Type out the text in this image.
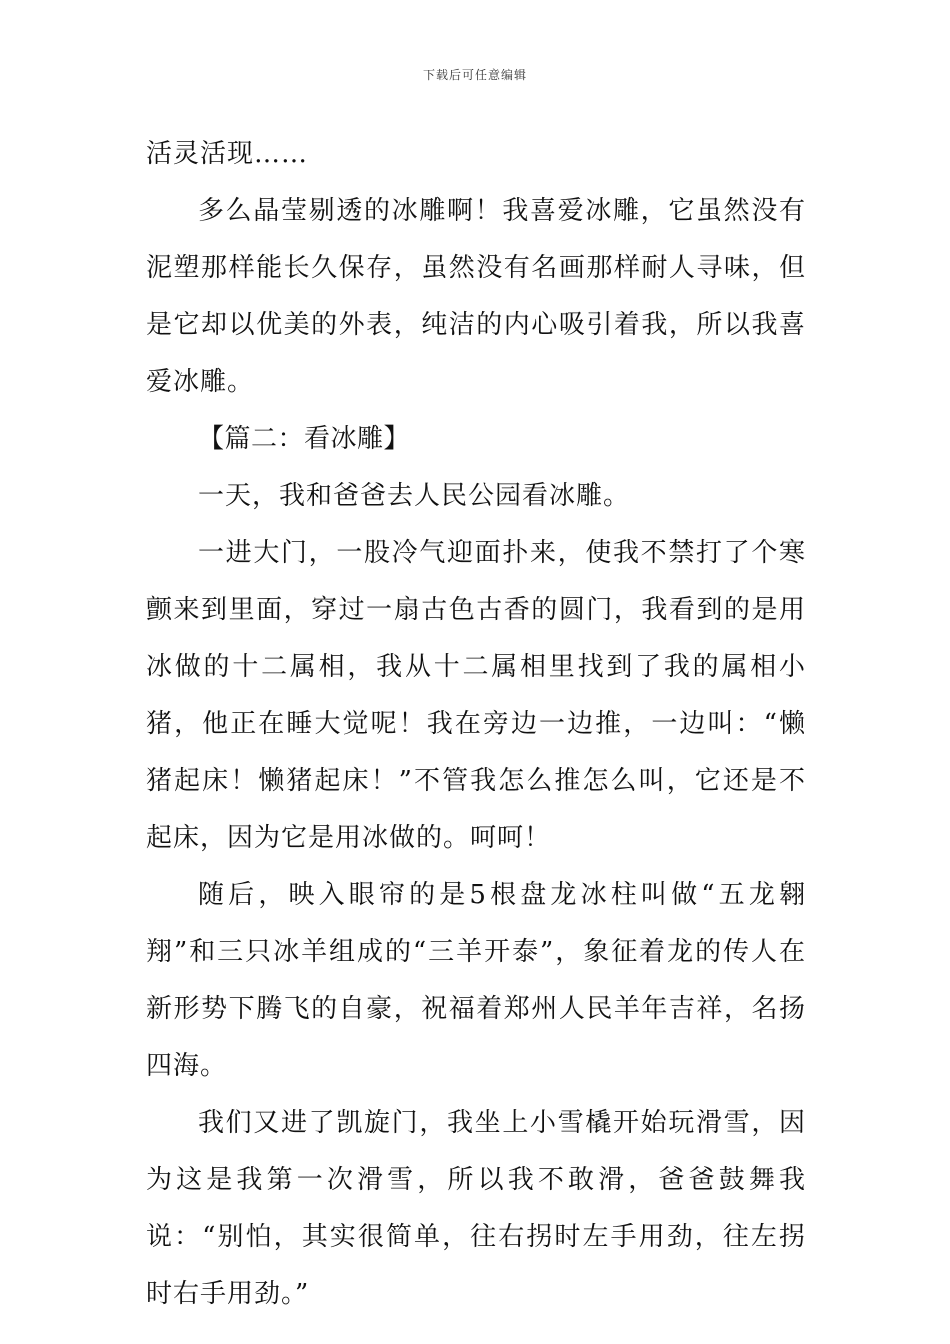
下载后可任意编辑

活灵活现……

多么晶莹剔透的冰雕啊！我喜爱冰雕，它虽然没有泥塑那样能长久保存，虽然没有名画那样耐人寻味，但是它却以优美的外表，纯洁的内心吸引着我，所以我喜爱冰雕。

【篇二：看冰雕】

一天，我和爸爸去人民公园看冰雕。

一进大门，一股冷气迎面扑来，使我不禁打了个寒颤来到里面，穿过一扇古色古香的圆门，我看到的是用冰做的十二属相，我从十二属相里找到了我的属相小猪，他正在睡大觉呢！我在旁边一边推，一边叫：“懒猪起床！懒猪起床！”不管我怎么推怎么叫，它还是不起床，因为它是用冰做的。呵呵！

随后，映入眼帘的是5根盘龙冰柱叫做“五龙翱翔”和三只冰羊组成的“三羊开泰”，象征着龙的传人在新形势下腾飞的自豪，祝福着郑州人民羊年吉祥，名扬四海。

我们又进了凯旋门，我坐上小雪橇开始玩滑雪，因为这是我第一次滑雪，所以我不敢滑，爸爸鼓舞我说：“别怕，其实很简单，往右拐时左手用劲，往左拐时右手用劲。”
